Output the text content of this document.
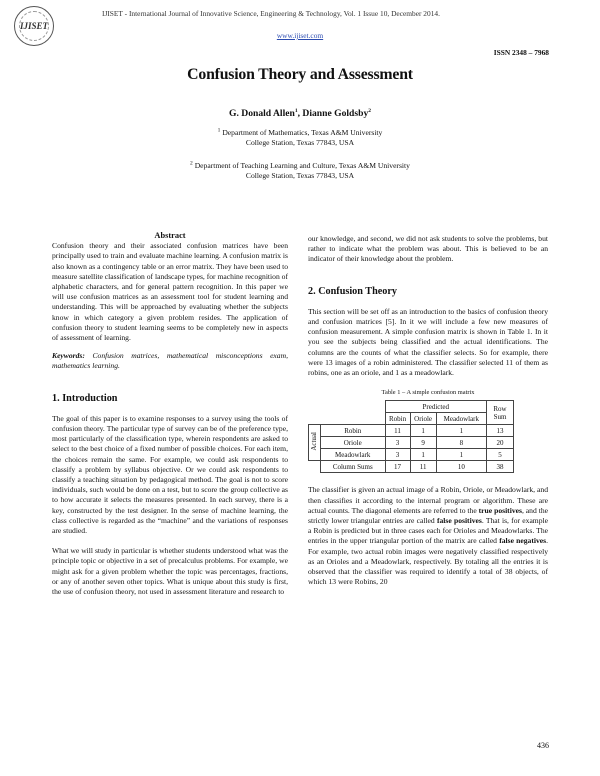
IJISET
IJISET - International Journal of Innovative Science, Engineering & Technology, Vol. 1 Issue 10, December 2014.
www.ijiset.com
ISSN 2348 – 7968
Confusion Theory and Assessment
G. Donald Allen$^1$, Dianne Goldsby$^2$
$^1$ Department of Mathematics, Texas A&M University
College Station, Texas 77843, USA
$^2$ Department of Teaching Learning and Culture, Texas A&M University
College Station, Texas 77843, USA
Abstract

Confusion theory and their associated confusion matrices have been principally used to train and evaluate machine learning. A confusion matrix is also known as a contingency table or an error matrix. They have been used to measure satellite classification of landscape types, for machine recognition of alphabetic characters, and for general pattern recognition. In this paper we will use confusion matrices as an assessment tool for student learning and understanding. This will be approached by evaluating whether the subjects know in which category a given problem resides. The application of confusion theory to student learning seems to be completely new in aspects of assessment of learning.

Keywords: Confusion matrices, mathematical misconceptions exam, mathematics learning.

1. Introduction

The goal of this paper is to examine responses to a survey using the tools of confusion theory. The particular type of survey can be of the preference type, most particularly of the classification type, wherein respondents are asked to select to the best choice of a fixed number of possible choices. For each item, the choices remain the same. For example, we could ask respondents to classify a problem by syllabus objective. Or we could ask respondents to classify a teaching situation by pedagogical method. The goal is not to score individuals, such would be done on a test, but to score the group collective as to how accurate it selects the measures presented. In each survey, there is a key, constructed by the test designer. In the sense of machine learning, the class collective is regarded as the “machine” and the variations of responses are studied.

What we will study in particular is whether students understood what was the principle topic or objective in a set of precalculus problems. For example, we might ask for a given problem whether the topic was percentages, fractions, or any of another seven other topics. What is unique about this study is first, the use of confusion theory, not used in assessment literature and research to

our knowledge, and second, we did not ask students to solve the problems, but rather to indicate what the problem was about. This is believed to be an indicator of their knowledge about the problem.

2. Confusion Theory

This section will be set off as an introduction to the basics of confusion theory and confusion matrices [5]. In it we will include a few new measures of confusion measurement. A simple confusion matrix is shown in Table 1. In it you see the subjects being classified and the actual identifications. The columns are the counts of what the classifier selects. So for example, there were 13 images of a robin administered. The classifier selected 11 of them as robins, one as an oriole, and 1 as a meadowlark.

Table 1 – A simple confusion matrix
		Predicted			Row Sum
		Robin	Oriole	Meadowlark	
Actual	Robin	11	1	1	13
	Oriole	3	9	8	20
	Meadowlark	3	1	1	5
	Column Sums	17	11	10	38

The classifier is given an actual image of a Robin, Oriole, or Meadowlark, and then classifies it according to the internal program or algorithm. These are actual counts. The diagonal elements are referred to the true positives, and the strictly lower triangular entries are called false positives. That is, for example a Robin is predicted but in three cases each for Orioles and Meadowlarks. The entries in the upper triangular portion of the matrix are called false negatives. For example, two actual robin images were negatively classified respectively as an Orioles and a Meadowlark, respectively. By totaling all the entries it is observed that the classifier was required to identify a total of 38 objects, of which 13 were Robins, 20

436
